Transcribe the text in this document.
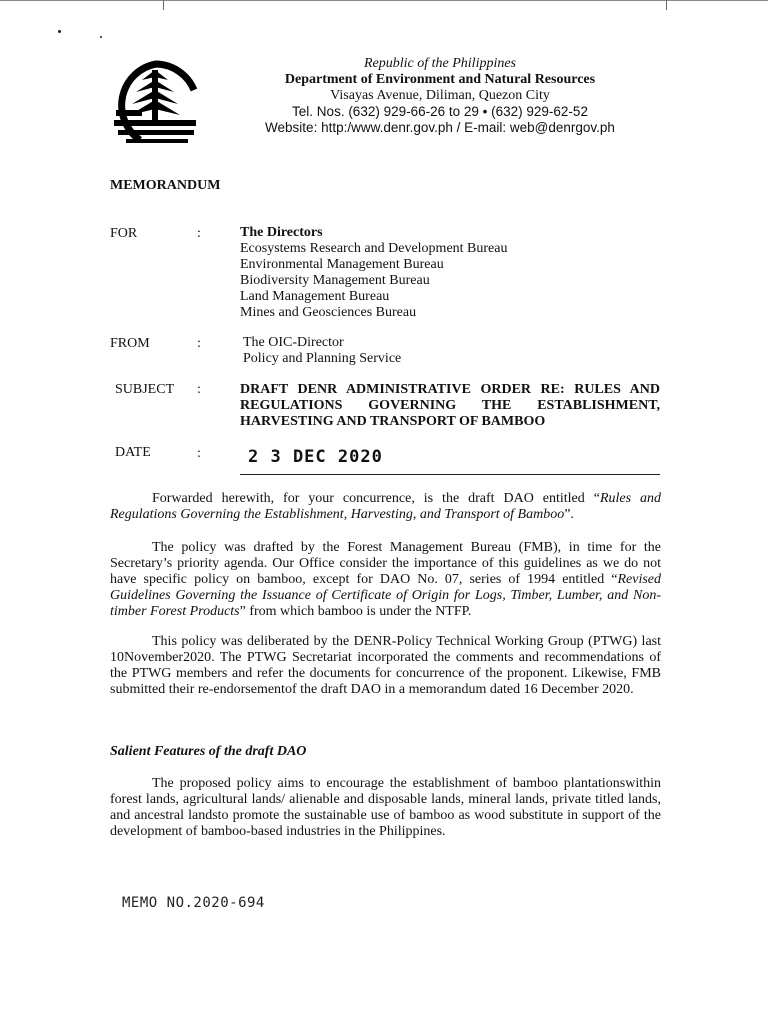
Republic of the Philippines
Department of Environment and Natural Resources
Visayas Avenue, Diliman, Quezon City
Tel. Nos. (632) 929-66-26 to 29 • (632) 929-62-52
Website: http:/www.denr.gov.ph / E-mail: web@denrgov.ph
MEMORANDUM
FOR	:	The Directors
Ecosystems Research and Development Bureau
Environmental Management Bureau
Biodiversity Management Bureau
Land Management Bureau
Mines and Geosciences Bureau
FROM	:	The OIC-Director
Policy and Planning Service
SUBJECT :	DRAFT DENR ADMINISTRATIVE ORDER RE: RULES AND
REGULATIONS GOVERNING THE ESTABLISHMENT,
HARVESTING AND TRANSPORT OF BAMBOO
DATE	:	2 3 DEC 2020
Forwarded herewith, for your concurrence, is the draft DAO entitled “Rules and Regulations Governing the Establishment, Harvesting, and Transport of Bamboo”.
The policy was drafted by the Forest Management Bureau (FMB), in time for the Secretary’s priority agenda. Our Office consider the importance of this guidelines as we do not have specific policy on bamboo, except for DAO No. 07, series of 1994 entitled “Revised Guidelines Governing the Issuance of Certificate of Origin for Logs, Timber, Lumber, and Non-timber Forest Products” from which bamboo is under the NTFP.
This policy was deliberated by the DENR-Policy Technical Working Group (PTWG) last 10November2020. The PTWG Secretariat incorporated the comments and recommendations of the PTWG members and refer the documents for concurrence of the proponent. Likewise, FMB submitted their re-endorsementof the draft DAO in a memorandum dated 16 December 2020.
Salient Features of the draft DAO
The proposed policy aims to encourage the establishment of bamboo plantationswithin forest lands, agricultural lands/ alienable and disposable lands, mineral lands, private titled lands, and ancestral landsto promote the sustainable use of bamboo as wood substitute in support of the development of bamboo-based industries in the Philippines.
MEMO NO.2020-694
